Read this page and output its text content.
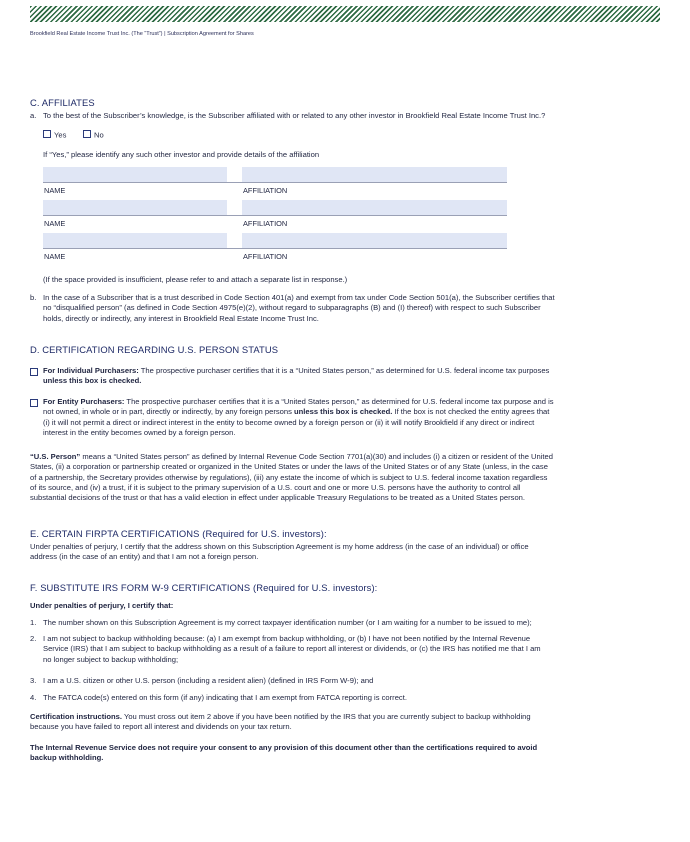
Brookfield Real Estate Income Trust Inc. (The “Trust”) | Subscription Agreement for Shares
C. AFFILIATES
a. To the best of the Subscriber’s knowledge, is the Subscriber affiliated with or related to any other investor in Brookfield Real Estate Income Trust Inc.?
Yes	No
If “Yes,” please identify any such other investor and provide details of the affiliation
NAME	AFFILIATION
NAME	AFFILIATION
NAME	AFFILIATION
(If the space provided is insufficient, please refer to and attach a separate list in response.)
b. In the case of a Subscriber that is a trust described in Code Section 401(a) and exempt from tax under Code Section 501(a), the Subscriber certifies that
no “disqualified person” (as defined in Code Section 4975(e)(2), without regard to subparagraphs (B) and (I) thereof) with respect to such Subscriber
holds, directly or indirectly, any interest in Brookfield Real Estate Income Trust Inc.
D. CERTIFICATION REGARDING U.S. PERSON STATUS
For Individual Purchasers: The prospective purchaser certifies that it is a “United States person,” as determined for U.S. federal income tax purposes
unless this box is checked.
For Entity Purchasers: The prospective purchaser certifies that it is a “United States person,” as determined for U.S. federal income tax purpose and is
not owned, in whole or in part, directly or indirectly, by any foreign persons unless this box is checked. If the box is not checked the entity agrees that
(i) it will not permit a direct or indirect interest in the entity to become owned by a foreign person or (ii) it will notify Brookfield if any direct or indirect
interest in the entity becomes owned by a foreign person.
“U.S. Person” means a “United States person” as defined by Internal Revenue Code Section 7701(a)(30) and includes (i) a citizen or resident of the United
States, (ii) a corporation or partnership created or organized in the United States or under the laws of the United States or of any State (unless, in the case
of a partnership, the Secretary provides otherwise by regulations), (iii) any estate the income of which is subject to U.S. federal income taxation regardless
of its source, and (iv) a trust, if it is subject to the primary supervision of a U.S. court and one or more U.S. persons have the authority to control all
substantial decisions of the trust or that has a valid election in effect under applicable Treasury Regulations to be treated as a United States person.
E. CERTAIN FIRPTA CERTIFICATIONS (Required for U.S. investors):
Under penalties of perjury, I certify that the address shown on this Subscription Agreement is my home address (in the case of an individual) or office
address (in the case of an entity) and that I am not a foreign person.
F. SUBSTITUTE IRS FORM W-9 CERTIFICATIONS (Required for U.S. investors):
Under penalties of perjury, I certify that:
1. The number shown on this Subscription Agreement is my correct taxpayer identification number (or I am waiting for a number to be issued to me);
2. I am not subject to backup withholding because: (a) I am exempt from backup withholding, or (b) I have not been notified by the Internal Revenue
Service (IRS) that I am subject to backup withholding as a result of a failure to report all interest or dividends, or (c) the IRS has notified me that I am
no longer subject to backup withholding;
3. I am a U.S. citizen or other U.S. person (including a resident alien) (defined in IRS Form W-9); and
4. The FATCA code(s) entered on this form (if any) indicating that I am exempt from FATCA reporting is correct.
Certification instructions. You must cross out item 2 above if you have been notified by the IRS that you are currently subject to backup withholding
because you have failed to report all interest and dividends on your tax return.
The Internal Revenue Service does not require your consent to any provision of this document other than the certifications required to avoid
backup withholding.
